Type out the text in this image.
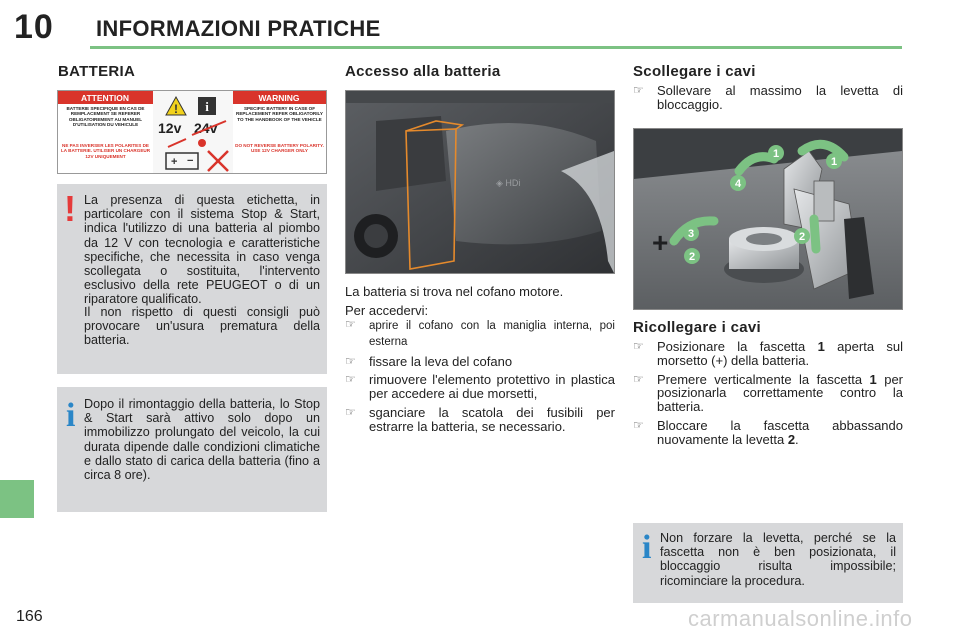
10 INFORMAZIONI PRATICHE
BATTERIA
ATTENTION	WARNING
! i
12v 24v
+ −
BATTERIE SPECIFIQUE EN CAS DE REMPLACEMENT SE REFERER OBLIGATOIREMENT AU MANUEL D'UTILISATION DU VEHICULE
NE PAS INVERSER LES POLARITES DE LA BATTERIE. UTILISER UN CHARGEUR 12V UNIQUEMENT
SPECIFIC BATTERY IN CASE OF REPLACEMENT REFER OBLIGATORILY TO THE HANDBOOK OF THE VEHICLE
DO NOT REVERSE BATTERY POLARITY. USE 12V CHARGER ONLY
! La presenza di questa etichetta, in particolare con il sistema Stop & Start, indica l'utilizzo di una batteria al piombo da 12 V con tecnologia e caratteristiche specifiche, che necessita in caso venga scollegata o sostituita, l'intervento esclusivo della rete PEUGEOT o di un riparatore qualificato.
Il non rispetto di questi consigli può provocare un'usura prematura della batteria.
i Dopo il rimontaggio della batteria, lo Stop & Start sarà attivo solo dopo un immobilizzo prolungato del veicolo, la cui durata dipende dalle condizioni climatiche e dallo stato di carica della batteria (fino a circa 8 ore).
Accesso alla batteria
◈ HDi

La batteria si trova nel cofano motore.

Per accedervi:

☞ aprire il cofano con la maniglia interna, poi esterna
☞ fissare la leva del cofano
☞ rimuovere l'elemento protettivo in plastica per accedere ai due morsetti,
☞ sganciare la scatola dei fusibili per estrarre la batteria, se necessario.
Scollegare i cavi
☞ Sollevare al massimo la levetta di bloccaggio.
+
1
1
4
3
2
2
Ricollegare i cavi
☞ Posizionare la fascetta 1 aperta sul morsetto (+) della batteria.
☞ Premere verticalmente la fascetta 1 per posizionarla correttamente contro la batteria.
☞ Bloccare la fascetta abbassando nuovamente la levetta 2.
i Non forzare la levetta, perché se la fascetta non è ben posizionata, il bloccaggio risulta impossibile; ricominciare la procedura.
166	carmanualsonline.info
